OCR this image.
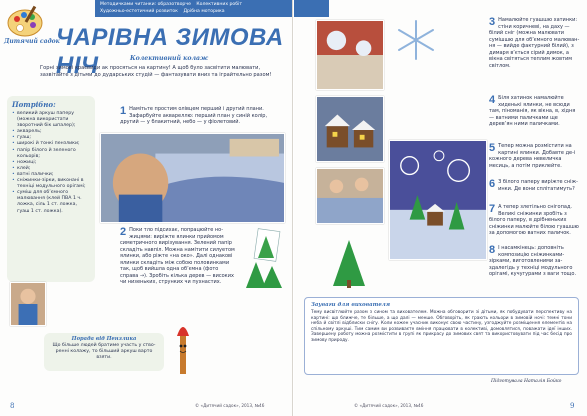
Методичками читанки: образотворче Колективних робіт Художньо-естетичний розвиток Дрібна моторика
Дитячий садок
ЧАРІВНА ЗИМОВА НІЧ	Колективний колаж
Горні зимові краєвиди ак просяться на картину! А щоб було засвітити малювати, зазвітайте з дітьми до дударських студій — фантазувати вниз та іграйтельно разом!
Потрібно:
• великий аркуш паперу (можна використати зворотний бік шпалер);
• акварель;
• гуаш;
• широкі й тонкі пензлики;
• папір білого й зеленого кольорів;
• ножиці;
• клей;
• ватні палички;
• сніжинки-зірки, виконані в техніці модульного орігамі;
• суміш для об’ємного малювання (клей ПВА 1 ч. ложка, сіль 1 ст. ложка, гуаш 1 ст. ложка).
1 Намітьте простим олівцем перший і другий плани. Зафарбуйте аквареллю: перший план у синій колір, другий — у блакитний, небо — у фіолетовий.
2 Поки тло підсихає, попрацюйте ножицями: виріжте ялинки прийомом симетричного вирізування. Зелений папір складіть навпіл. Можна намітити силуетом ялинки, або ріжте «на око». Далі однакові ялинки складіть між собою половинками так, щоб вийшла одна об’ємна (фото справа →). Зробіть кілька дерев — високих чи низеньких, струнких чи пухнастих.
Порада від Пензлика

Що більше людей братиме участь у створенні колажу, то більший аркуш варто взяти.

8	© «Дитячий садок», 2013, №46
3 Намалюйте гуашшю хатинки: стіни коричневі, на даху — білий сніг (можна малювати сумішшю для об’ємного малювання — вийде фактурний білий), з димаря в’ється сірий димок, а вікна світяться теплим жовтим світлом.
4 Біля хатинок намалюйте хиденькі ялинки, не всюди там, піноманія, як вікна, в, хідня — ватними паличками ще дерев’ян ними паличками.
5 Тепер можна розмістити на картині ялинки. Добавте де-і кожного дерева невеличка месиць, а потім приклейте.
6 З білого паперу виріжте сніжинки. Де вони сплітатимуть?
7 А тепер злетільно снігопад. Великі сніжинки зробіть з білого паперу, в дрібненьких сніжинки малюйте білою гуашшю за допомогою ватних паличок.
8 І насамкінець: доповніть композицію сніжинкамизірками, виготовленими заздалегідь у техніці модульного орігамі, кучугурами з ваги тощо.
Зауваги для вихователя

Тему висвітлюйте разом з сином та вихователем. Можна обговорити зі дітьми, як побудувати перспективу на картині: що ближче, те більше, а що далі — менше. Обговоріть, як грають кольори в зимовій ночі: темні тони неба й світлі відблиски снігу. Коли кожен учасник виконує свою частину, узгоджуйте розміщення елементів на спільному аркуші. Тим самим ви розвиваєте вміння працювати в колективі, домовлятися, поважати ідеї інших. Завершену роботу можна розмістити в групі як прикрасу до зимових свят та використовувати під час бесід про зимову природу.

Підготувала Наталія Бойко
© «Дитячий садок», 2013, №46	9
